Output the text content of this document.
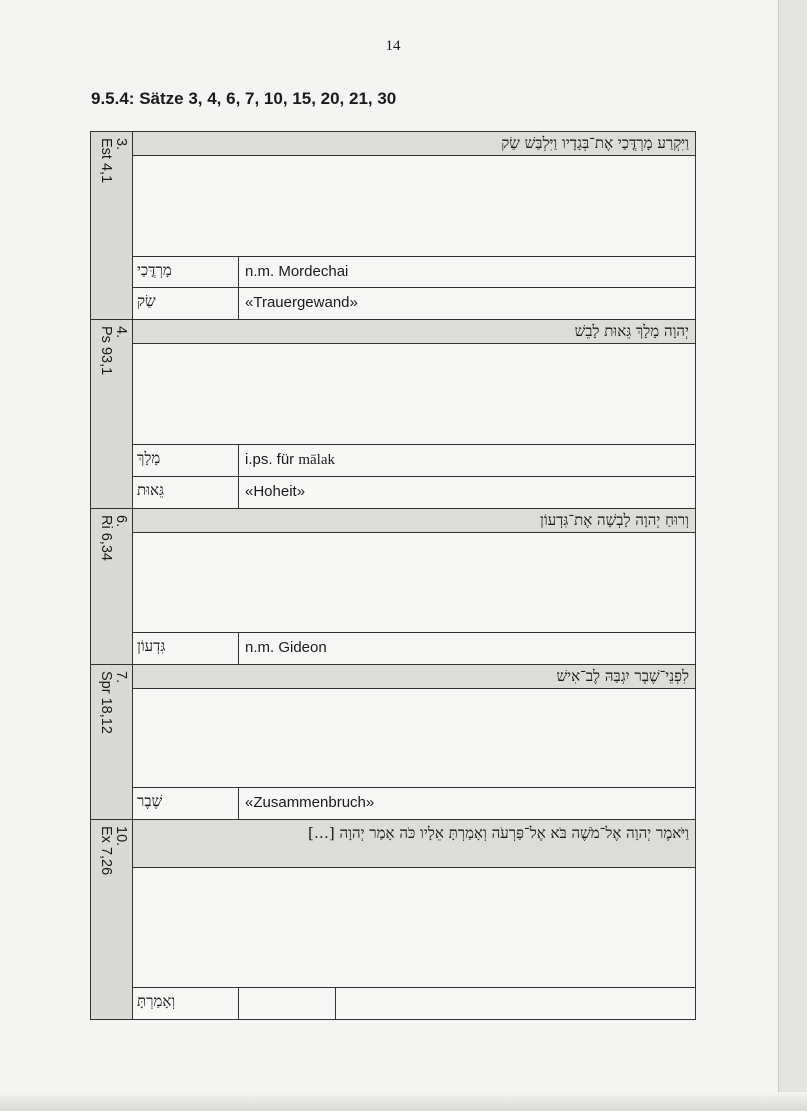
14
9.5.4: Sätze 3, 4, 6, 7, 10, 15, 20, 21, 30
3.
Est 4,1	וַיִּקְרַע מָרְדֳּכַי אֶת־בְּגָדָיו וַיִּלְבַּשׁ שַׂק
מָרְדֳּכַי	n.m. Mordechai
שַׂק	«Trauergewand»
4.
Ps 93,1	יְהוָה מָלָךְ גֵּאוּת לָבֵשׁ
מָלָךְ	i.ps. für mālak
גֵּאוּת	«Hoheit»
6.
Ri 6,34	וְרוּחַ יְהוָה לָבְשָׁה אֶת־גִּדְעוֹן
גִּדְעוֹן	n.m. Gideon
7.
Spr 18,12	לִפְנֵי־שֶׁבֶר יִגְבַּהּ לֶב־אִישׁ
שֶׁבֶר	«Zusammenbruch»
10.
Ex 7,26	וַיֹּאמֶר יְהוָה אֶל־מֹשֶׁה בֹּא אֶל־פַּרְעֹה וְאָמַרְתָּ אֵלָיו כֹּה אָמַר יְהוָה […]
וְאָמַרְתָּ
